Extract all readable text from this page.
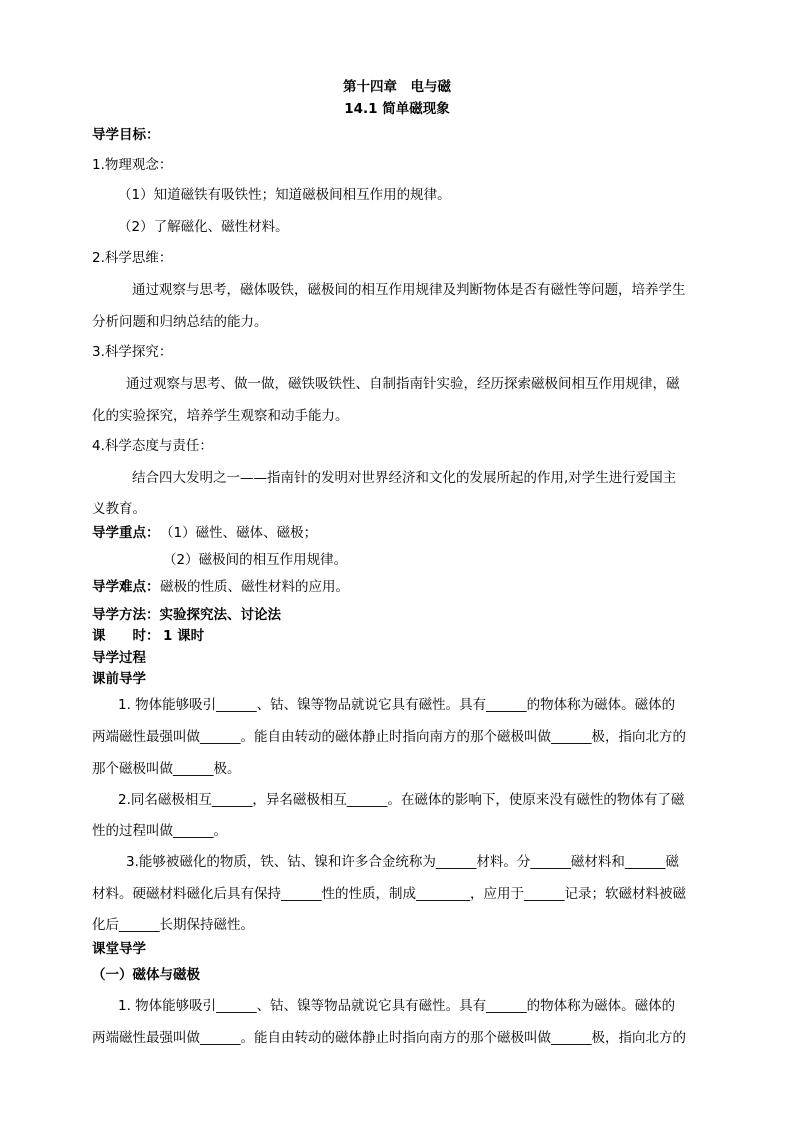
第十四章　电与磁
14.1 简单磁现象
导学目标：
1.物理观念：
（1）知道磁铁有吸铁性；知道磁极间相互作用的规律。
（2）了解磁化、磁性材料。
2.科学思维：
通过观察与思考，磁体吸铁，磁极间的相互作用规律及判断物体是否有磁性等问题，培养学生
分析问题和归纳总结的能力。
3.科学探究：
通过观察与思考、做一做，磁铁吸铁性、自制指南针实验，经历探索磁极间相互作用规律，磁
化的实验探究，培养学生观察和动手能力。
4.科学态度与责任：
结合四大发明之一——指南针的发明对世界经济和文化的发展所起的作用,对学生进行爱国主
义教育。
导学重点： （1）磁性、磁体、磁极；
（2）磁极间的相互作用规律。
导学难点： 磁极的性质、磁性材料的应用。
导学方法：实验探究法、讨论法
课　　时： 1 课时
导学过程
课前导学
1. 物体能够吸引______、钴、镍等物品就说它具有磁性。具有______的物体称为磁体。磁体的
两端磁性最强叫做______。能自由转动的磁体静止时指向南方的那个磁极叫做______极，指向北方的
那个磁极叫做______极。
2.同名磁极相互______，异名磁极相互______。在磁体的影响下，使原来没有磁性的物体有了磁
性的过程叫做______。
3.能够被磁化的物质，铁、钴、镍和许多合金统称为______材料。分______磁材料和______磁
材料。硬磁材料磁化后具有保持______性的性质，制成________，应用于______记录；软磁材料被磁
化后______长期保持磁性。
课堂导学
（一）磁体与磁极
1. 物体能够吸引______、钴、镍等物品就说它具有磁性。具有______的物体称为磁体。磁体的
两端磁性最强叫做______。能自由转动的磁体静止时指向南方的那个磁极叫做______极，指向北方的
